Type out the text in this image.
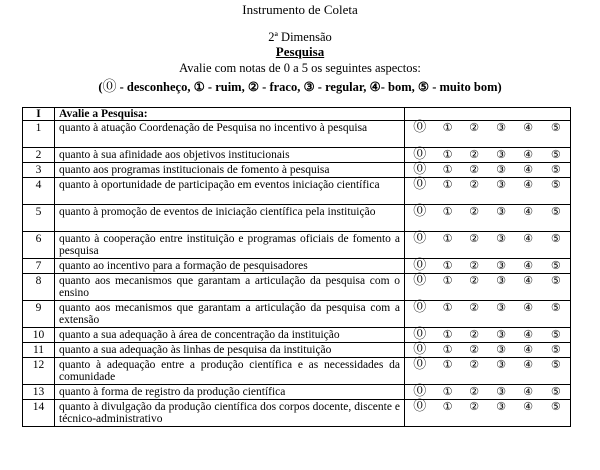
Instrumento de Coleta
2ª Dimensão
Pesquisa
Avalie com notas de 0 a 5 os seguintes aspectos:
(⓪ - desconheço, ① - ruim, ② - fraco, ③ - regular, ④- bom, ⑤ - muito bom)
I	Avalie a Pesquisa:						
1	quanto à atuação Coordenação de Pesquisa no incentivo à pesquisa	⓪	①	②	③	④	⑤
2	quanto à sua afinidade aos objetivos institucionais	⓪	①	②	③	④	⑤
3	quanto aos programas institucionais de fomento à pesquisa	⓪	①	②	③	④	⑤
4	quanto à oportunidade de participação em eventos iniciação científica	⓪	①	②	③	④	⑤
5	quanto à promoção de eventos de iniciação científica pela instituição	⓪	①	②	③	④	⑤
6	quanto à cooperação entre instituição e programas oficiais de fomento a pesquisa	⓪	①	②	③	④	⑤
7	quanto ao incentivo para a formação de pesquisadores	⓪	①	②	③	④	⑤
8	quanto aos mecanismos que garantam a articulação da pesquisa com o ensino	⓪	①	②	③	④	⑤
9	quanto aos mecanismos que garantam a articulação da pesquisa com a extensão	⓪	①	②	③	④	⑤
10	quanto a sua adequação à área de concentração da instituição	⓪	①	②	③	④	⑤
11	quanto a sua adequação às linhas de pesquisa da instituição	⓪	①	②	③	④	⑤
12	quanto à adequação entre a produção científica e as necessidades da comunidade	⓪	①	②	③	④	⑤
13	quanto à forma de registro da produção científica	⓪	①	②	③	④	⑤
14	quanto à divulgação da produção científica dos corpos docente, discente e técnico-administrativo	⓪	①	②	③	④	⑤
